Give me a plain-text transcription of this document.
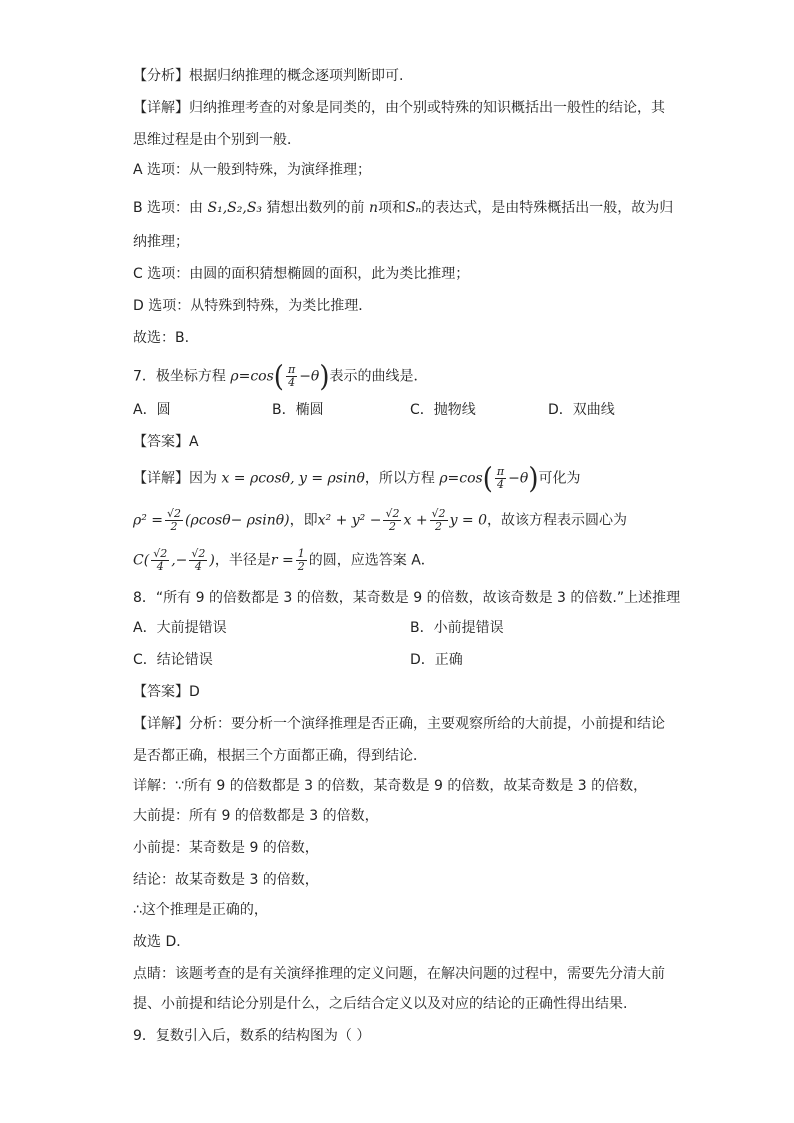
【分析】根据归纳推理的概念逐项判断即可.
【详解】归纳推理考查的对象是同类的，由个别或特殊的知识概括出一般性的结论，其
思维过程是由个别到一般．
A 选项：从一般到特殊，为演绎推理；
B 选项：由 S₁,S₂,S₃ 猜想出数列的前 n项和Sₙ的表达式，是由特殊概括出一般，故为归
纳推理；
C 选项：由圆的面积猜想椭圆的面积，此为类比推理；
D 选项：从特殊到特殊，为类比推理．
故选：B.
7．极坐标方程 $\rho=\cos( \frac{\pi}{4} -\theta)$表示的曲线是．
A．圆	B．椭圆	C．抛物线	D．双曲线
【答案】A
【详解】因为 x = ρcosθ, y = ρsinθ，所以方程 $\rho=\cos( \frac{\pi}{4} -\theta)$可化为
$\rho^2 = \frac{√2}{2} (\rho\cos\theta- \rho\sin\theta)$，即$x^2 + y^2 - \frac{√2}{2}$ $x + \frac{√2}{2}$ y = 0，故该方程表示圆心为
$C( \frac{√2}{4}$ ,− $\frac{√2}{4}$ )，半径是$r = \frac{1}{2}$ 的圆，应选答案 A．
8．“所有 9 的倍数都是 3 的倍数，某奇数是 9 的倍数，故该奇数是 3 的倍数.”上述推理
A．大前提错误	B．小前提错误
C．结论错误	D．正确
【答案】D
【详解】分析：要分析一个演绎推理是否正确，主要观察所给的大前提，小前提和结论
是否都正确，根据三个方面都正确，得到结论．
详解：∵所有 9 的倍数都是 3 的倍数，某奇数是 9 的倍数，故某奇数是 3 的倍数，
大前提：所有 9 的倍数都是 3 的倍数，
小前提：某奇数是 9 的倍数，
结论：故某奇数是 3 的倍数，
∴这个推理是正确的，
故选 D．
点睛：该题考查的是有关演绎推理的定义问题，在解决问题的过程中，需要先分清大前
提、小前提和结论分别是什么，之后结合定义以及对应的结论的正确性得出结果.
9．复数引入后，数系的结构图为（ ）
